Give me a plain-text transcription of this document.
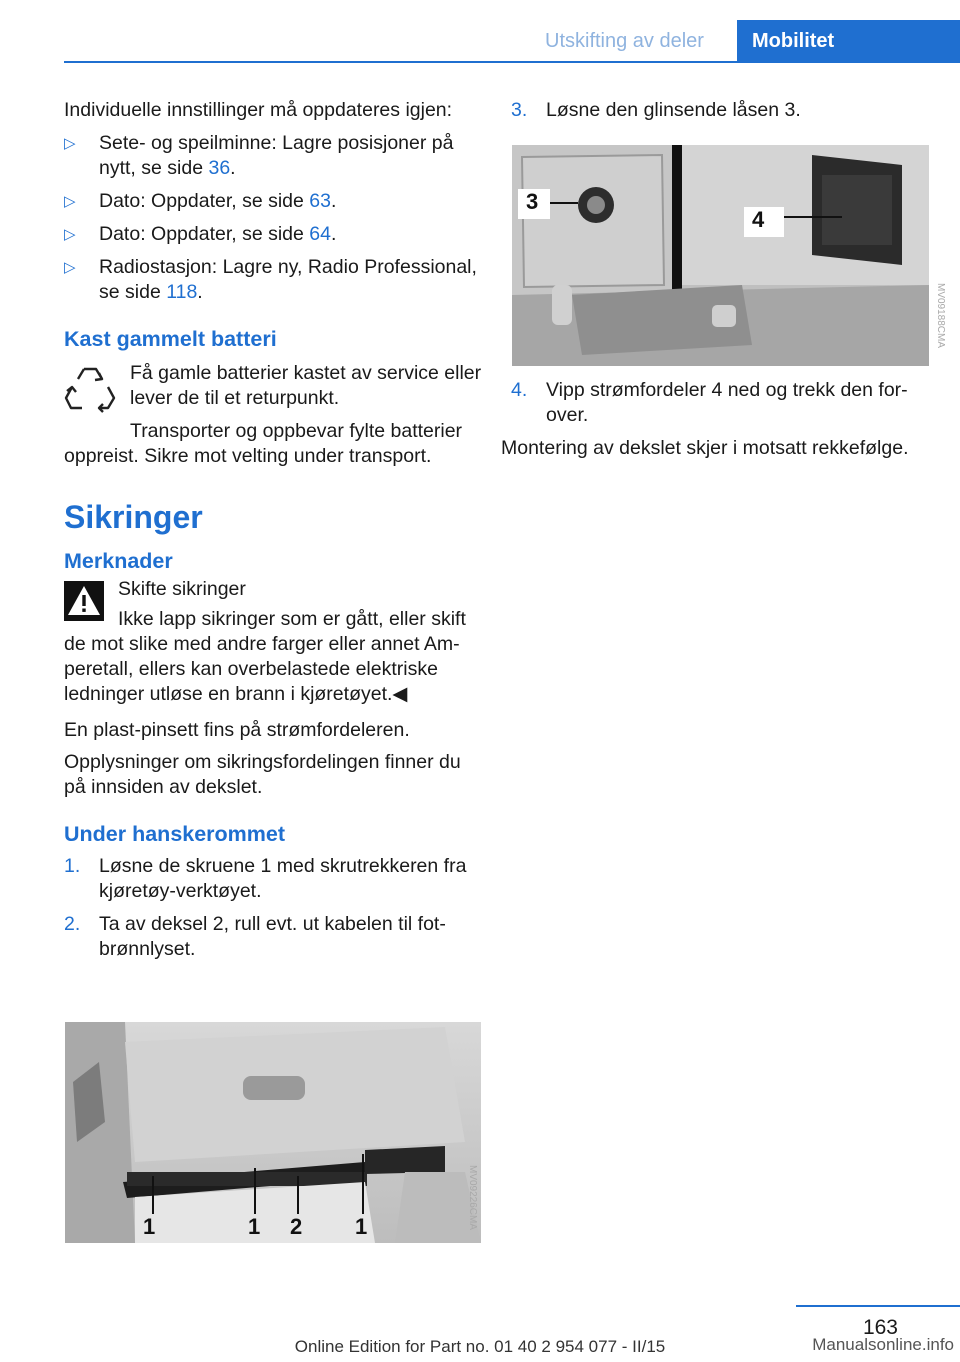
Utskifting av deler	Mobilitet

Individuelle innstillinger må oppdateres igjen:

▷ Sete- og speilminne: Lagre posisjoner på nytt, se side 36.
▷ Dato: Oppdater, se side 63.
▷ Dato: Oppdater, se side 64.
▷ Radiostasjon: Lagre ny, Radio Professional, se side 118.
Kast gammelt batteri

Få gamle batterier kastet av service eller lever de til et returpunkt.

Transporter og oppbevar fylte batterier oppreist. Sikre mot velting under transport.

Sikringer
Merknader

Skifte sikringer

Ikke lapp sikringer som er gått, eller skift de mot slike med andre farger eller annet Amperetall, ellers kan overbelastede elektriske ledninger utløse en brann i kjøretøyet.◀

En plast-pinsett fins på strømfordeleren.

Opplysninger om sikringsfordelingen finner du på innsiden av dekslet.

Under hanskerommet
1. Løsne de skruene 1 med skrutrekkeren fra kjøretøy-verktøyet.
2. Ta av deksel 2, rull evt. ut kabelen til fotbrønnlyset.
1	1 2 1	MV09226CMA
3. Løsne den glinsende låsen 3.
3
4
MV09188CMA
4. Vipp strømfordeler 4 ned og trekk den forover.

Montering av dekslet skjer i motsatt rekkefølge.

163
Online Edition for Part no. 01 40 2 954 077 - II/15	Manualsonline.info
